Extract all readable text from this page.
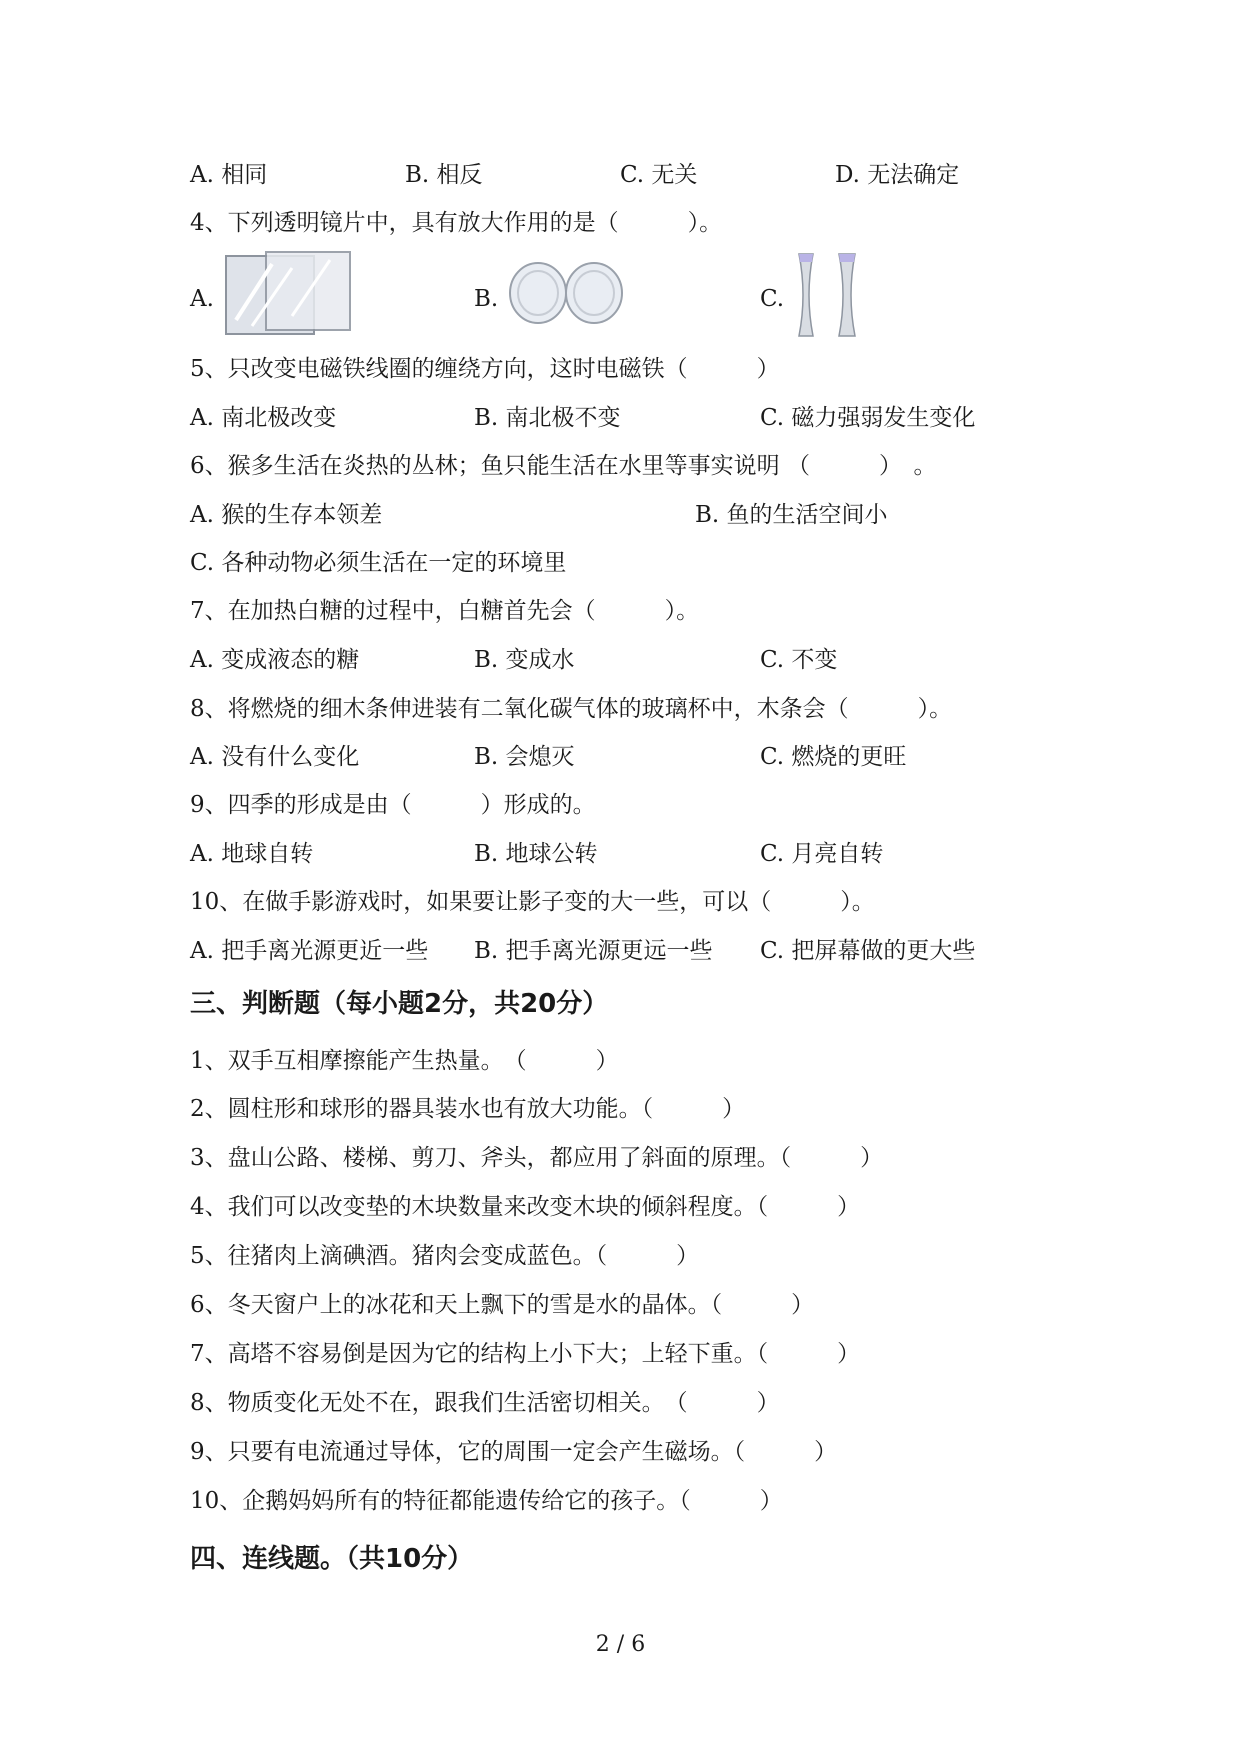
A. 相同	B. 相反	C. 无关	D. 无法确定
4、下列透明镜片中，具有放大作用的是（　　　）。
A.	B.	C.
5、只改变电磁铁线圈的缠绕方向，这时电磁铁（　　　）
A. 南北极改变	B. 南北极不变	C. 磁力强弱发生变化
6、猴多生活在炎热的丛林；鱼只能生活在水里等事实说明 （　　　）　。
A. 猴的生存本领差	B. 鱼的生活空间小
C. 各种动物必须生活在一定的环境里
7、在加热白糖的过程中，白糖首先会（　　　）。
A. 变成液态的糖	B. 变成水	C. 不变
8、将燃烧的细木条伸进装有二氧化碳气体的玻璃杯中，木条会（　　　）。
A. 没有什么变化	B. 会熄灭	C. 燃烧的更旺
9、四季的形成是由（　　　）形成的。
A. 地球自转	B. 地球公转	C. 月亮自转
10、在做手影游戏时，如果要让影子变的大一些，可以（　　　）。
A. 把手离光源更近一些 B. 把手离光源更远一些 C. 把屏幕做的更大些
三、判断题（每小题2分，共20分）
1、双手互相摩擦能产生热量。　（　　　）
2、圆柱形和球形的器具装水也有放大功能。（　　　）
3、盘山公路、楼梯、剪刀、斧头，都应用了斜面的原理。（　　　）
4、我们可以改变垫的木块数量来改变木块的倾斜程度。（　　　）
5、往猪肉上滴碘酒。猪肉会变成蓝色。（　　　）
6、冬天窗户上的冰花和天上飘下的雪是水的晶体。（　　　）
7、高塔不容易倒是因为它的结构上小下大；上轻下重。（　　　）
8、物质变化无处不在，跟我们生活密切相关。　（　　　）
9、只要有电流通过导体，它的周围一定会产生磁场。（　　　）
10、企鹅妈妈所有的特征都能遗传给它的孩子。（　　　）
四、连线题。（共10分）
2 / 6
